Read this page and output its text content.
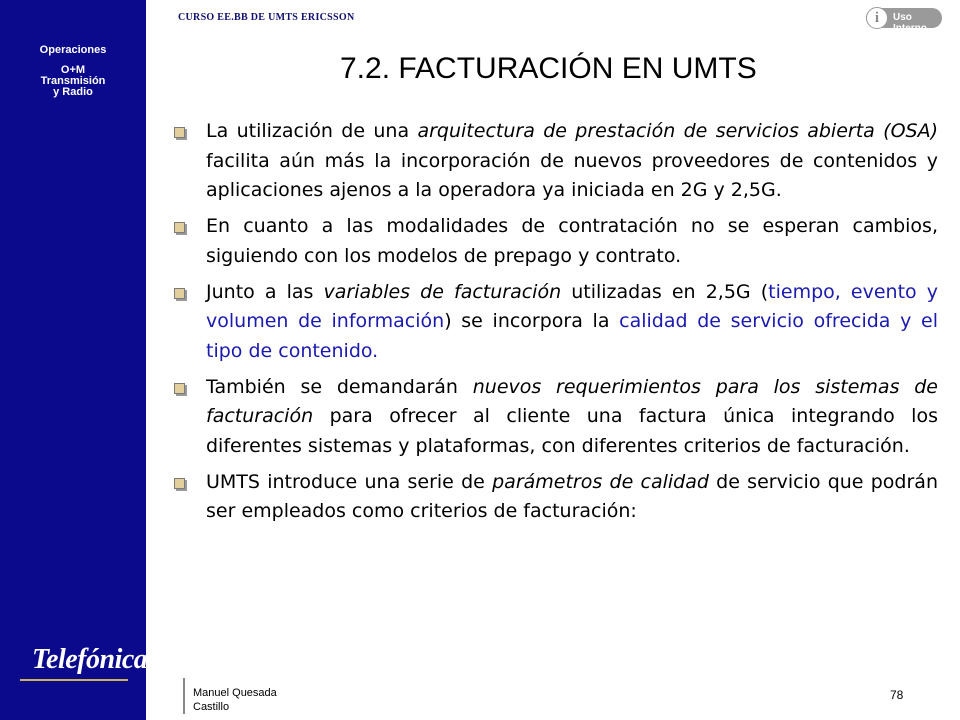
Operaciones
O+M
Transmisión
y Radio
Telefónica
CURSO EE.BB DE UMTS ERICSSON	i	Uso Interno
7.2. FACTURACIÓN EN UMTS
La utilización de una arquitectura de prestación de servicios abierta (OSA) facilita aún más la incorporación de nuevos proveedores de contenidos y aplicaciones ajenos a la operadora ya iniciada en 2G y 2,5G.
En cuanto a las modalidades de contratación no se esperan cambios, siguiendo con los modelos de prepago y contrato.
Junto a las variables de facturación utilizadas en 2,5G (tiempo, evento y volumen de información) se incorpora la calidad de servicio ofrecida y el tipo de contenido.
También se demandarán nuevos requerimientos para los sistemas de facturación para ofrecer al cliente una factura única integrando los diferentes sistemas y plataformas, con diferentes criterios de facturación.
UMTS introduce una serie de parámetros de calidad de servicio que podrán ser empleados como criterios de facturación:
Manuel Quesada
Castillo
78
